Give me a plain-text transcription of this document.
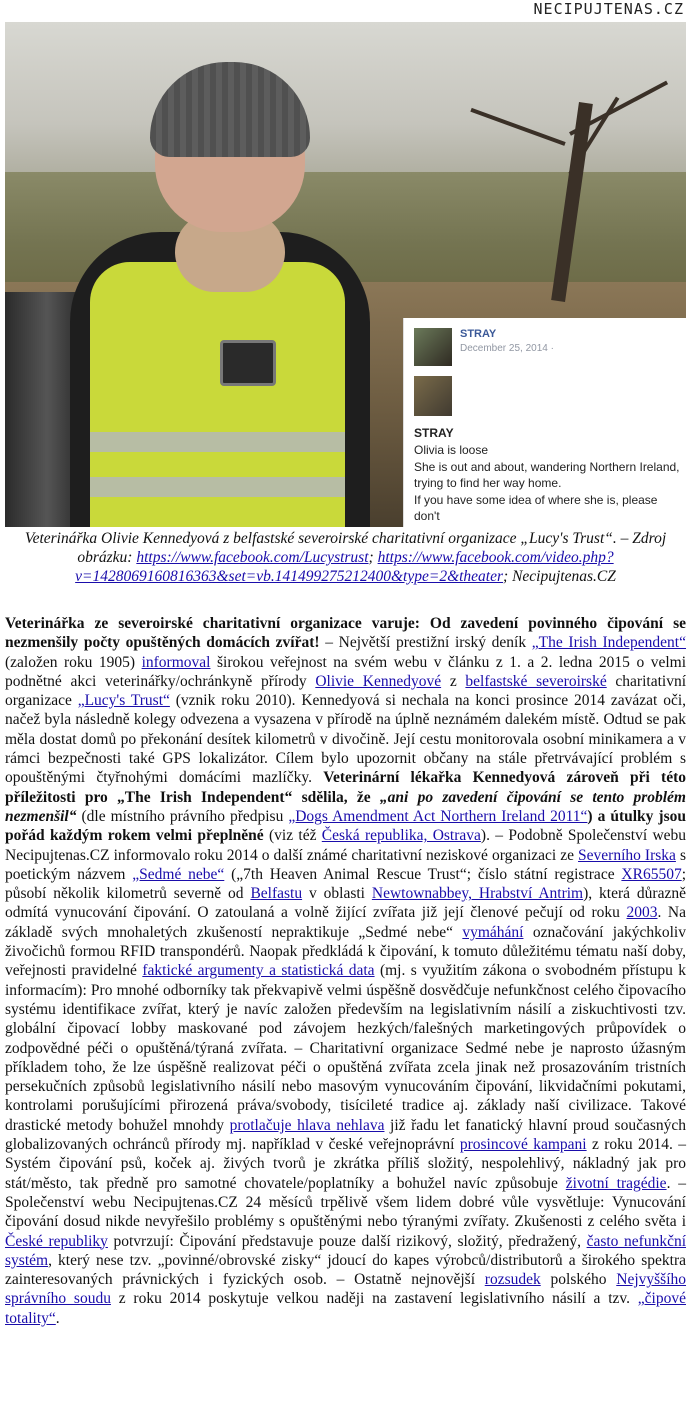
NECIPUJTENAS.CZ
STRAY
December 25, 2014 ·
STRAY
Olivia is loose
She is out and about, wandering Northern Ireland,
trying to find her way home.
If you have some idea of where she is, please don't
Veterinářka Olivie Kennedyová z belfastské severoirské charitativní organizace „Lucy's Trust“. – Zdroj obrázku: https://www.facebook.com/Lucystrust; https://www.facebook.com/video.php?v=1428069160816363&set=vb.141499275212400&type=2&theater; Necipujtenas.CZ
Veterinářka ze severoirské charitativní organizace varuje: Od zavedení povinného čipování se nezmenšily počty opuštěných domácích zvířat! – Největší prestižní irský deník „The Irish Independent“ (založen roku 1905) informoval širokou veřejnost na svém webu v článku z 1. a 2. ledna 2015 o velmi podnětné akci veterinářky/ochránkyně přírody Olivie Kennedyové z belfastské severoirské charitativní organizace „Lucy's Trust“ (vznik roku 2010). Kennedyová si nechala na konci prosince 2014 zavázat oči, načež byla následně kolegy odvezena a vysazena v přírodě na úplně neznámém dalekém místě. Odtud se pak měla dostat domů po překonání desítek kilometrů v divočině. Její cestu monitorovala osobní minikamera a v rámci bezpečnosti také GPS lokalizátor. Cílem bylo upozornit občany na stále přetrvávající problém s opouštěnými čtyřnohými domácími mazlíčky. Veterinární lékařka Kennedyová zároveň při této příležitosti pro „The Irish Independent“ sdělila, že „ani po zavedení čipování se tento problém nezmenšil“ (dle místního právního předpisu „Dogs Amendment Act Northern Ireland 2011“) a útulky jsou pořád každým rokem velmi přeplněné (viz též Česká republika, Ostrava). – Podobně Společenství webu Necipujtenas.CZ informovalo roku 2014 o další známé charitativní neziskové organizaci ze Severního Irska s poetickým názvem „Sedmé nebe“ („7th Heaven Animal Rescue Trust“; číslo státní registrace XR65507; působí několik kilometrů severně od Belfastu v oblasti Newtownabbey, Hrabství Antrim), která důrazně odmítá vynucování čipování. O zatoulaná a volně žijící zvířata již její členové pečují od roku 2003. Na základě svých mnohaletých zkušeností nepraktikuje „Sedmé nebe“ vymáhání označování jakýchkoliv živočichů formou RFID transpondérů. Naopak předkládá k čipování, k tomuto důležitému tématu naší doby, veřejnosti pravidelné faktické argumenty a statistická data (mj. s využitím zákona o svobodném přístupu k informacím): Pro mnohé odborníky tak překvapivě velmi úspěšně dosvědčuje nefunkčnost celého čipovacího systému identifikace zvířat, který je navíc založen především na legislativním násilí a ziskuchtivosti tzv. globální čipovací lobby maskované pod závojem hezkých/falešných marketingových průpovídek o zodpovědné péči o opuštěná/týraná zvířata. – Charitativní organizace Sedmé nebe je naprosto úžasným příkladem toho, že lze úspěšně realizovat péči o opuštěná zvířata zcela jinak než prosazováním tristních persekučních způsobů legislativního násilí nebo masovým vynucováním čipování, likvidačními pokutami, kontrolami porušujícími přirozená práva/svobody, tisícileté tradice aj. základy naší civilizace. Takové drastické metody bohužel mnohdy protlačuje hlava nehlava již řadu let fanatický hlavní proud současných globalizovaných ochránců přírody mj. například v české veřejnoprávní prosincové kampani z roku 2014. – Systém čipování psů, koček aj. živých tvorů je zkrátka příliš složitý, nespolehlivý, nákladný jak pro stát/město, tak předně pro samotné chovatele/poplatníky a bohužel navíc způsobuje životní tragédie. – Společenství webu Necipujtenas.CZ 24 měsíců trpělivě všem lidem dobré vůle vysvětluje: Vynucování čipování dosud nikde nevyřešilo problémy s opuštěnými nebo týranými zvířaty. Zkušenosti z celého světa i České republiky potvrzují: Čipování představuje pouze další rizikový, složitý, předražený, často nefunkční systém, který nese tzv. „povinné/obrovské zisky“ jdoucí do kapes výrobců/distributorů a širokého spektra zainteresovaných právnických i fyzických osob. – Ostatně nejnovější rozsudek polského Nejvyššího správního soudu z roku 2014 poskytuje velkou naději na zastavení legislativního násilí a tzv. „čipové totality“.
